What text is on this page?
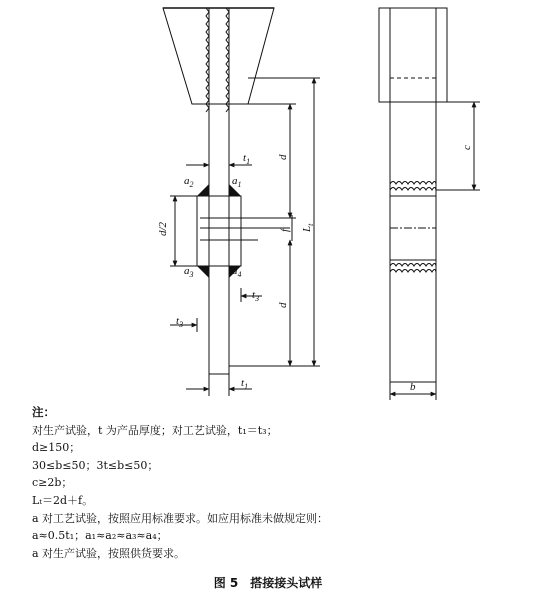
$t_1$
$a_2$	$a_1$
d/2
$a_3$	$a_4$
$t_3$
$t_3$
$t_1$
d
d
f $L_t$
c
b
注：
对生产试验，t 为产品厚度；对工艺试验，t₁＝t₃；
d≥150；
30≤b≤50；3t≤b≤50；
c≥2b；
Lₜ＝2d＋f。
a 对工艺试验，按照应用标准要求。如应用标准未做规定则：
a≈0.5t₁；a₁≈a₂≈a₃≈a₄；
a 对生产试验，按照供货要求。
图 5　搭接接头试样
